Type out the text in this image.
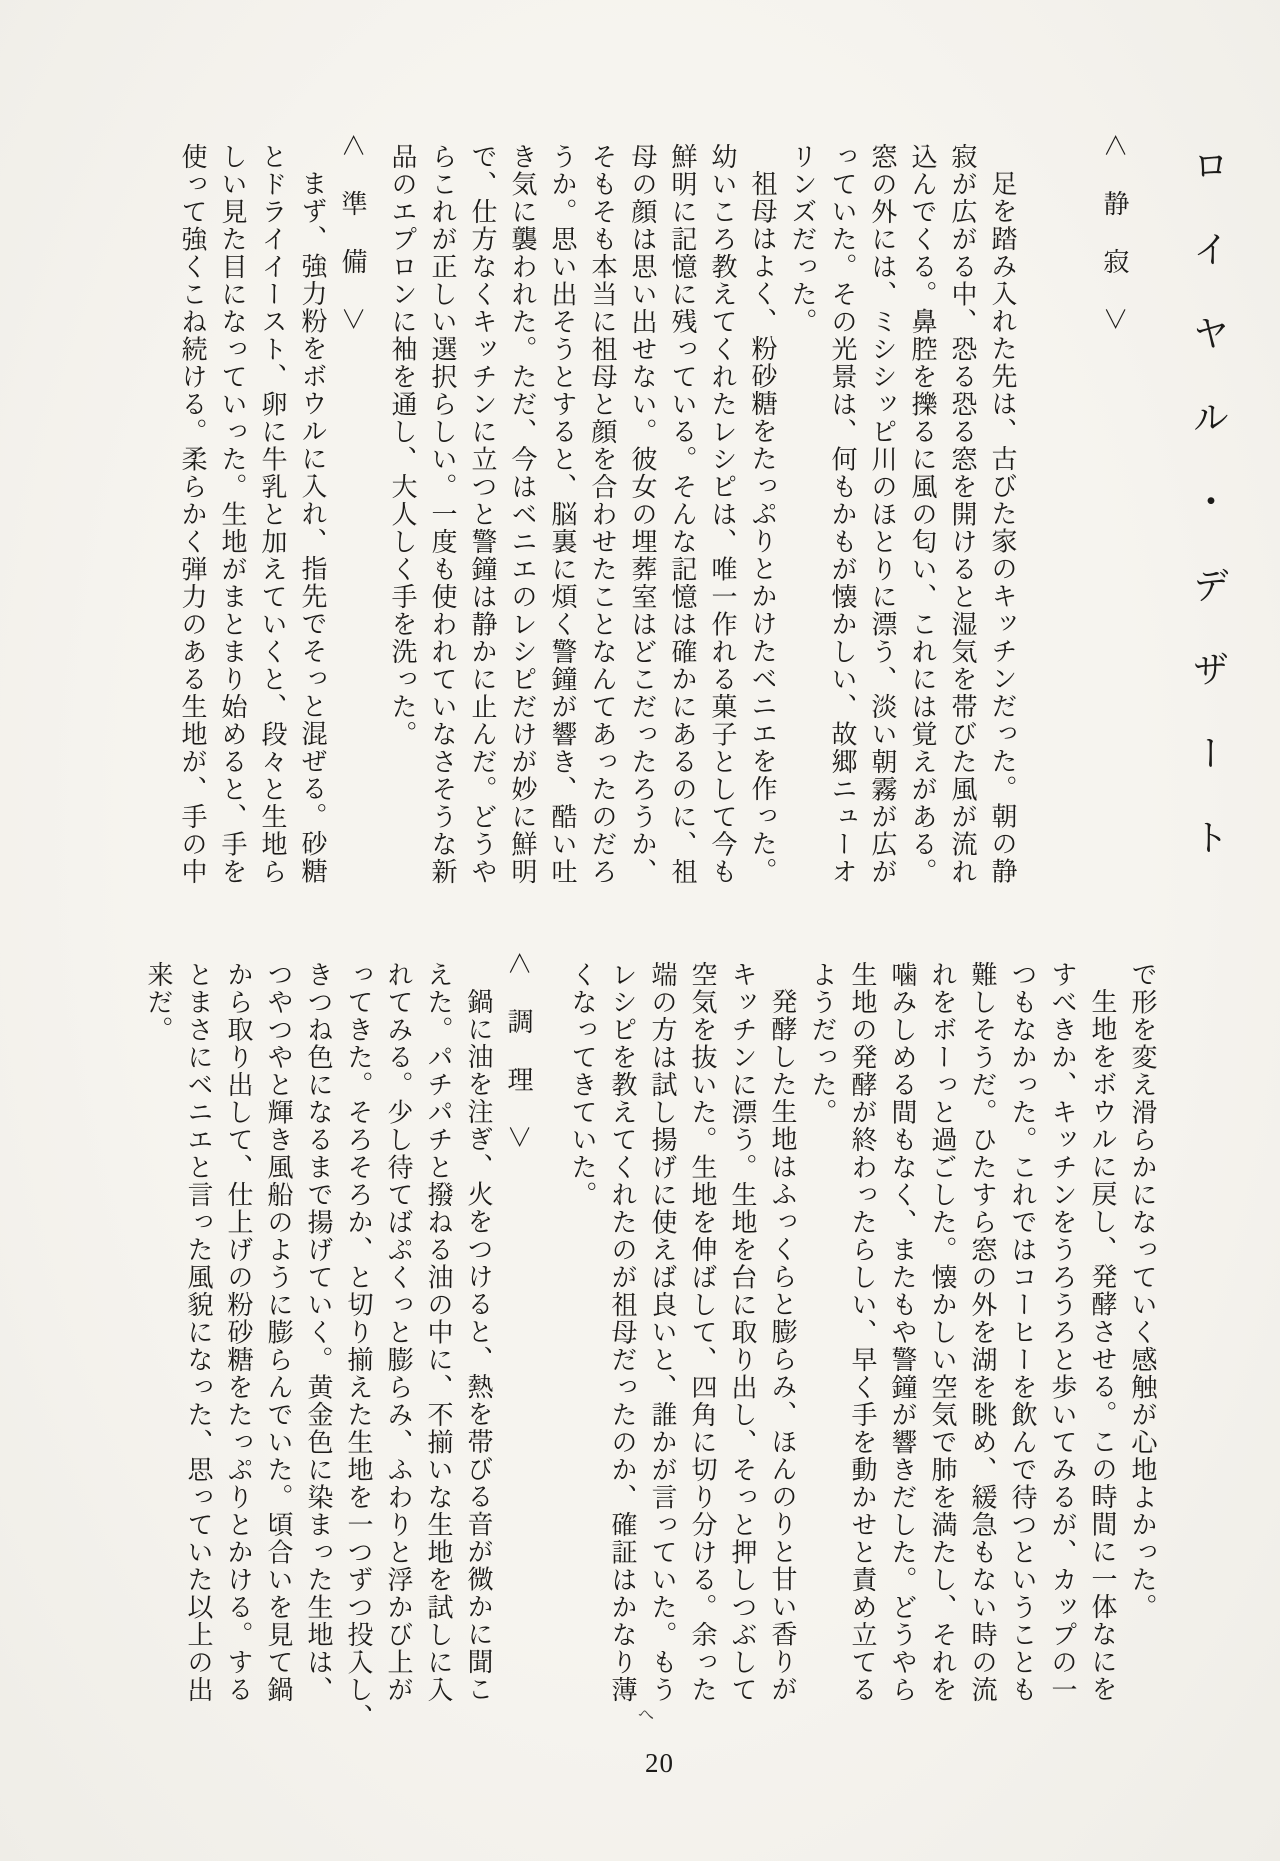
ロイヤル・デザート
＜静寂＞
足を踏み入れた先は、古びた家のキッチンだった。朝の静
寂が広がる中、恐る恐る窓を開けると湿気を帯びた風が流れ
込んでくる。鼻腔を擽るに風の匂い、これには覚えがある。
窓の外には、ミシシッピ川のほとりに漂う、淡い朝霧が広が
っていた。その光景は、何もかもが懐かしい、故郷ニューオ
リンズだった。
祖母はよく、粉砂糖をたっぷりとかけたベニエを作った。
幼いころ教えてくれたレシピは、唯一作れる菓子として今も
鮮明に記憶に残っている。そんな記憶は確かにあるのに、祖
母の顔は思い出せない。彼女の埋葬室はどこだったろうか、
そもそも本当に祖母と顔を合わせたことなんてあったのだろ
うか。思い出そうとすると、脳裏に煩く警鐘が響き、酷い吐
き気に襲われた。ただ、今はベニエのレシピだけが妙に鮮明
で、仕方なくキッチンに立つと警鐘は静かに止んだ。どうや
らこれが正しい選択らしい。一度も使われていなさそうな新
品のエプロンに袖を通し、大人しく手を洗った。
＜準備＞
まず、強力粉をボウルに入れ、指先でそっと混ぜる。砂糖
とドライイースト、卵に牛乳と加えていくと、段々と生地ら
しい見た目になっていった。生地がまとまり始めると、手を
使って強くこね続ける。柔らかく弾力のある生地が、手の中
で形を変え滑らかになっていく感触が心地よかった。
生地をボウルに戻し、発酵させる。この時間に一体なにを
すべきか、キッチンをうろうろと歩いてみるが、カップの一
つもなかった。これではコーヒーを飲んで待つということも
難しそうだ。ひたすら窓の外を湖を眺め、緩急もない時の流
れをボーっと過ごした。懐かしい空気で肺を満たし、それを
噛みしめる間もなく、またもや警鐘が響きだした。どうやら
生地の発酵が終わったらしい、早く手を動かせと責め立てる
ようだった。
発酵した生地はふっくらと膨らみ、ほんのりと甘い香りが
キッチンに漂う。生地を台に取り出し、そっと押しつぶして
空気を抜いた。生地を伸ばして、四角に切り分ける。余った
端の方は試し揚げに使えば良いと、誰かが言っていた。もう
レシピを教えてくれたのが祖母だったのか、確証はかなり薄
くなってきていた。
＜調理＞
鍋に油を注ぎ、火をつけると、熱を帯びる音が微かに聞こ
えた。パチパチと撥ねる油の中に、不揃いな生地を試しに入
れてみる。少し待てばぷくっと膨らみ、ふわりと浮かび上が
ってきた。そろそろか、と切り揃えた生地を一つずつ投入し、
きつね色になるまで揚げていく。黄金色に染まった生地は、
つやつやと輝き風船のように膨らんでいた。頃合いを見て鍋
から取り出して、仕上げの粉砂糖をたっぷりとかける。する
とまさにベニエと言った風貌になった、思っていた以上の出
来だ。
へ
20
